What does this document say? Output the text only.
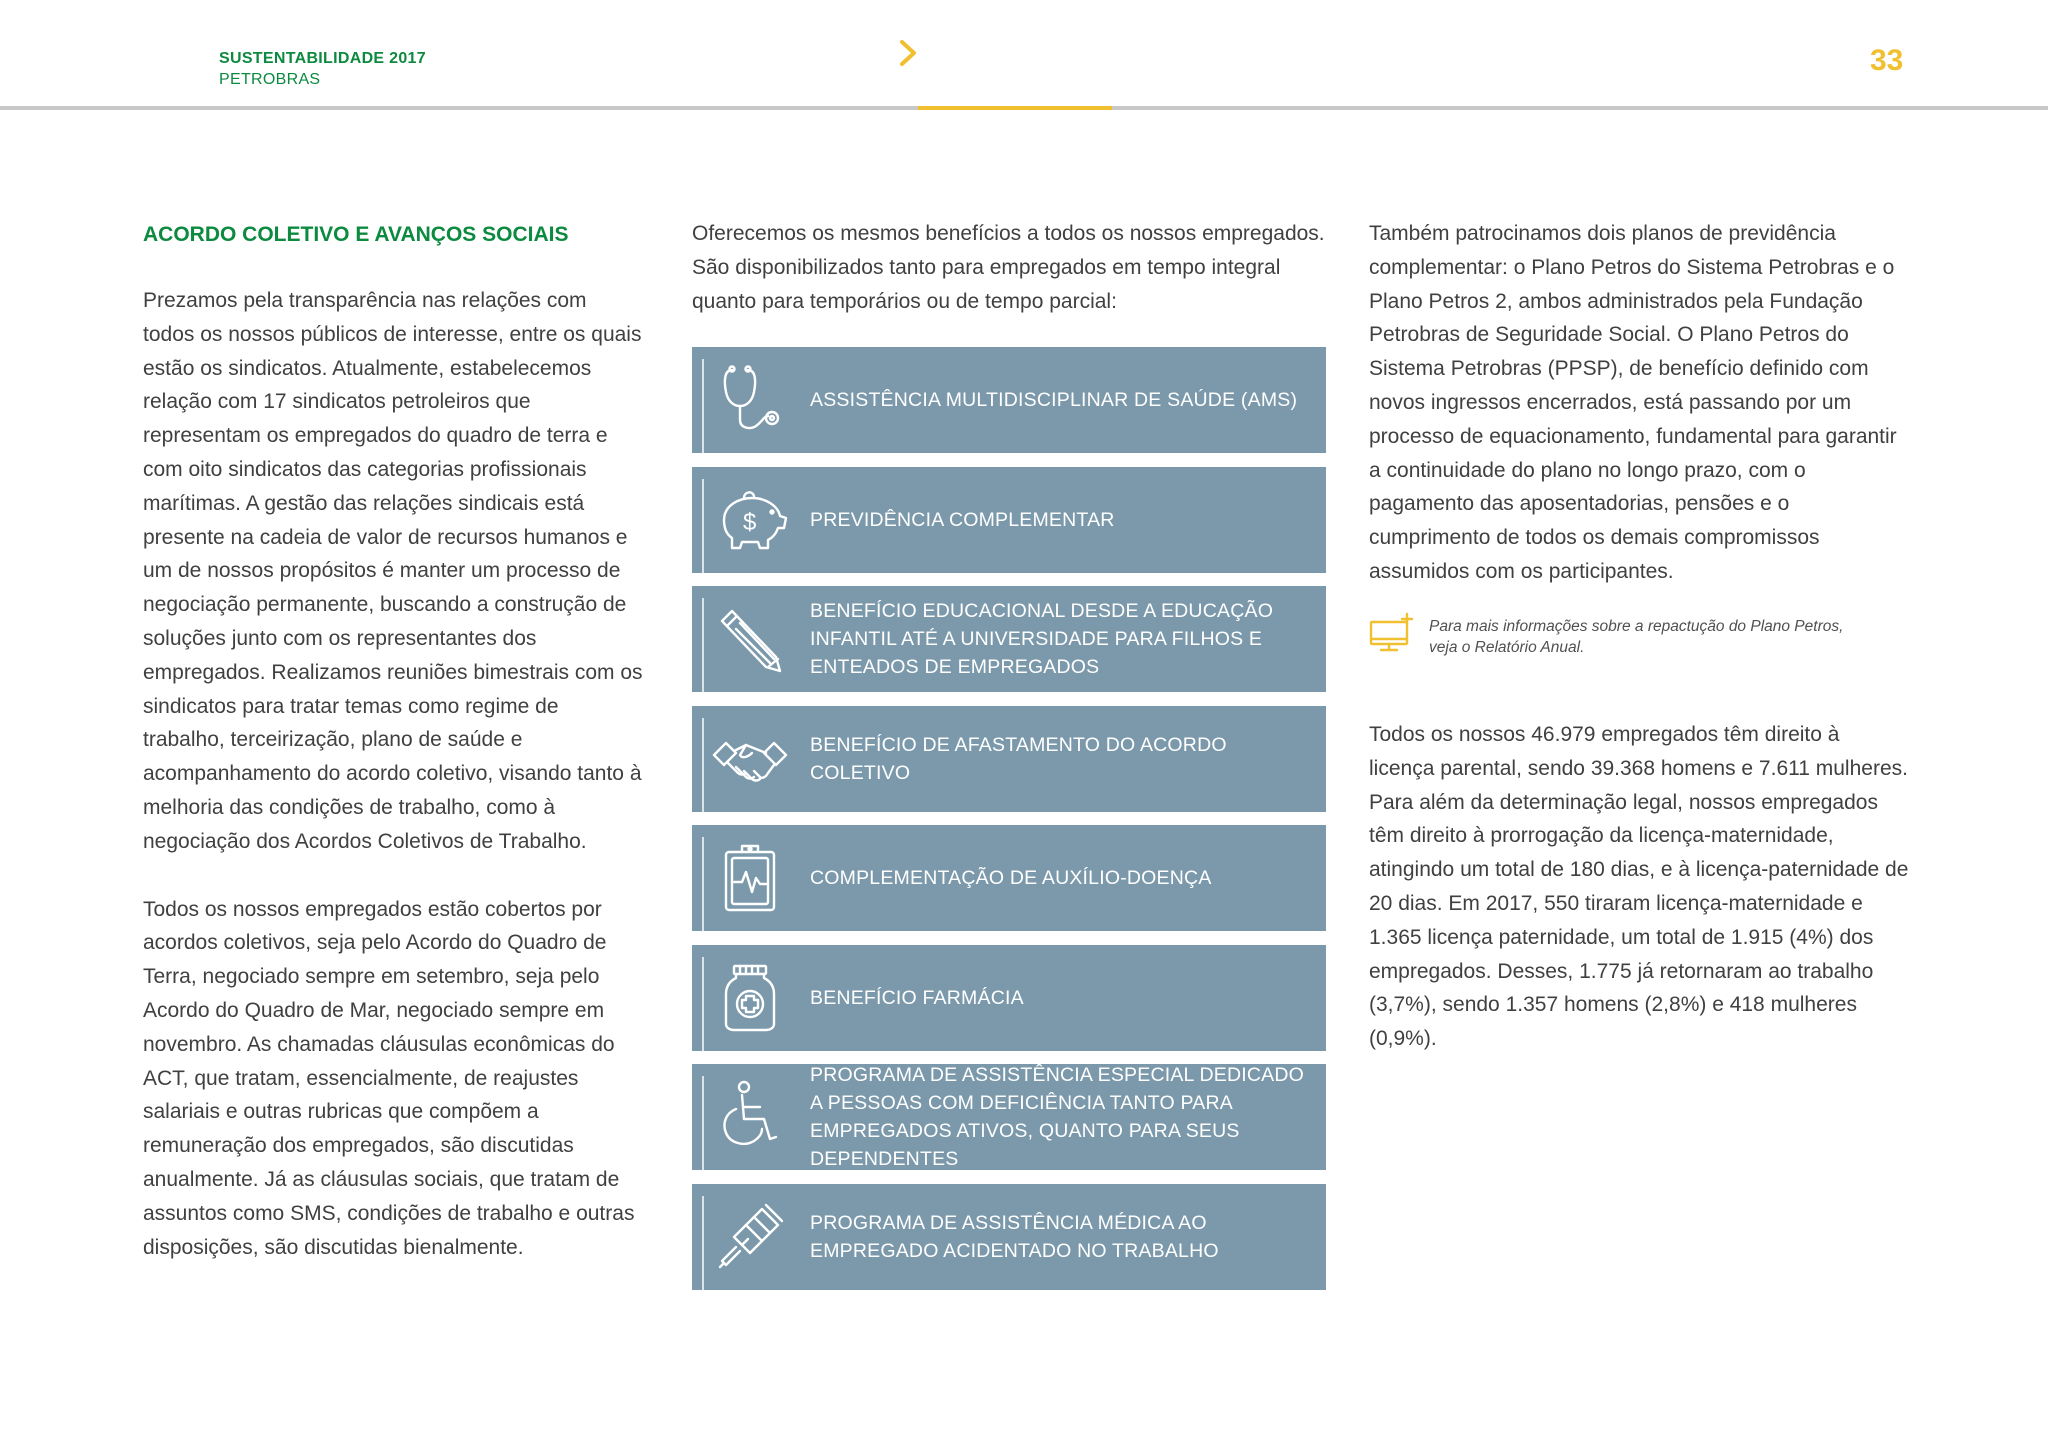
SUSTENTABILIDADE 2017
PETROBRAS
33
ACORDO COLETIVO E AVANÇOS SOCIAIS

Prezamos pela transparência nas relações com todos os nossos públicos de interesse, entre os quais estão os sindicatos. Atualmente, estabelecemos relação com 17 sindicatos petroleiros que representam os empregados do quadro de terra e com oito sindicatos das categorias profissionais marítimas. A gestão das relações sindicais está presente na cadeia de valor de recursos humanos e um de nossos propósitos é manter um processo de negociação permanente, buscando a construção de soluções junto com os representantes dos empregados. Realizamos reuniões bimestrais com os sindicatos para tratar temas como regime de trabalho, terceirização, plano de saúde e acompanhamento do acordo coletivo, visando tanto à melhoria das condições de trabalho, como à negociação dos Acordos Coletivos de Trabalho.

Todos os nossos empregados estão cobertos por acordos coletivos, seja pelo Acordo do Quadro de Terra, negociado sempre em setembro, seja pelo Acordo do Quadro de Mar, negociado sempre em novembro. As chamadas cláusulas econômicas do ACT, que tratam, essencialmente, de reajustes salariais e outras rubricas que compõem a remuneração dos empregados, são discutidas anualmente. Já as cláusulas sociais, que tratam de assuntos como SMS, condições de trabalho e outras disposições, são discutidas bienalmente.

Oferecemos os mesmos benefícios a todos os nossos empregados. São disponibilizados tanto para empregados em tempo integral quanto para temporários ou de tempo parcial:

ASSISTÊNCIA MULTIDISCIPLINAR DE SAÚDE (AMS)
$	PREVIDÊNCIA COMPLEMENTAR
BENEFÍCIO EDUCACIONAL DESDE A EDUCAÇÃO INFANTIL ATÉ A UNIVERSIDADE PARA FILHOS E ENTEADOS DE EMPREGADOS
BENEFÍCIO DE AFASTAMENTO DO ACORDO COLETIVO
COMPLEMENTAÇÃO DE AUXÍLIO-DOENÇA
BENEFÍCIO FARMÁCIA
PROGRAMA DE ASSISTÊNCIA ESPECIAL DEDICADO A PESSOAS COM DEFICIÊNCIA TANTO PARA EMPREGADOS ATIVOS, QUANTO PARA SEUS DEPENDENTES
PROGRAMA DE ASSISTÊNCIA MÉDICA AO EMPREGADO ACIDENTADO NO TRABALHO

Também patrocinamos dois planos de previdência complementar: o Plano Petros do Sistema Petrobras e o Plano Petros 2, ambos administrados pela Fundação Petrobras de Seguridade Social. O Plano Petros do Sistema Petrobras (PPSP), de benefício definido com novos ingressos encerrados, está passando por um processo de equacionamento, fundamental para garantir a continuidade do plano no longo prazo, com o pagamento das aposentadorias, pensões e o cumprimento de todos os demais compromissos assumidos com os participantes.

Para mais informações sobre a repactução do Plano Petros, veja o Relatório Anual.

Todos os nossos 46.979 empregados têm direito à licença parental, sendo 39.368 homens e 7.611 mulheres. Para além da determinação legal, nossos empregados têm direito à prorrogação da licença-maternidade, atingindo um total de 180 dias, e à licença-paternidade de 20 dias. Em 2017, 550 tiraram licença-maternidade e 1.365 licença paternidade, um total de 1.915 (4%) dos empregados. Desses, 1.775 já retornaram ao trabalho (3,7%), sendo 1.357 homens (2,8%) e 418 mulheres (0,9%).
